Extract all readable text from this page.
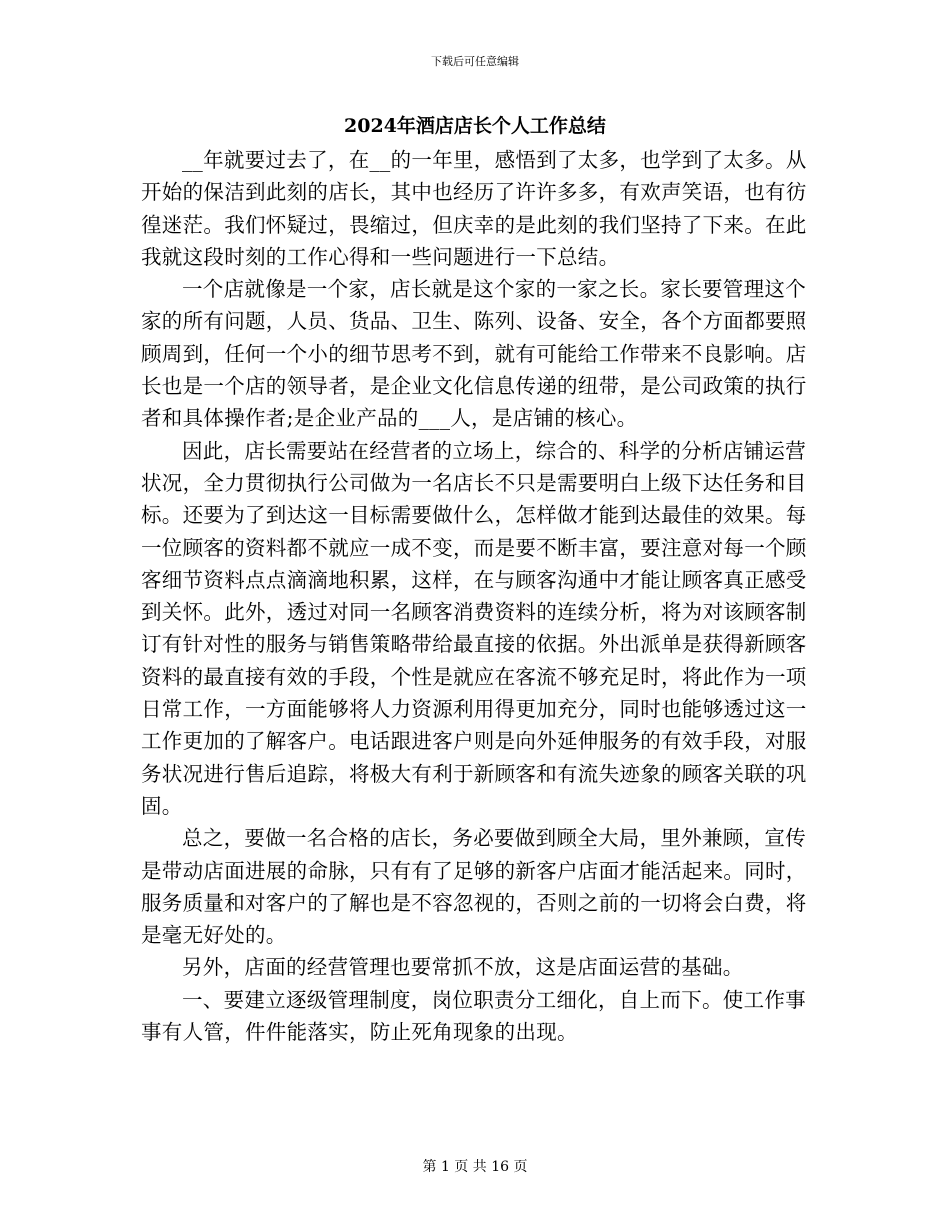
下载后可任意编辑
2024年酒店店长个人工作总结

__年就要过去了，在__的一年里，感悟到了太多，也学到了太多。从开始的保洁到此刻的店长，其中也经历了许许多多，有欢声笑语，也有彷徨迷茫。我们怀疑过，畏缩过，但庆幸的是此刻的我们坚持了下来。在此我就这段时刻的工作心得和一些问题进行一下总结。

一个店就像是一个家，店长就是这个家的一家之长。家长要管理这个家的所有问题，人员、货品、卫生、陈列、设备、安全，各个方面都要照顾周到，任何一个小的细节思考不到，就有可能给工作带来不良影响。店长也是一个店的领导者，是企业文化信息传递的纽带，是公司政策的执行者和具体操作者;是企业产品的___人，是店铺的核心。

因此，店长需要站在经营者的立场上，综合的、科学的分析店铺运营状况，全力贯彻执行公司做为一名店长不只是需要明白上级下达任务和目标。还要为了到达这一目标需要做什么，怎样做才能到达最佳的效果。每一位顾客的资料都不就应一成不变，而是要不断丰富，要注意对每一个顾客细节资料点点滴滴地积累，这样，在与顾客沟通中才能让顾客真正感受到关怀。此外，透过对同一名顾客消费资料的连续分析，将为对该顾客制订有针对性的服务与销售策略带给最直接的依据。外出派单是获得新顾客资料的最直接有效的手段，个性是就应在客流不够充足时，将此作为一项日常工作，一方面能够将人力资源利用得更加充分，同时也能够透过这一工作更加的了解客户。电话跟进客户则是向外延伸服务的有效手段，对服务状况进行售后追踪，将极大有利于新顾客和有流失迹象的顾客关联的巩固。

总之，要做一名合格的店长，务必要做到顾全大局，里外兼顾，宣传是带动店面进展的命脉，只有有了足够的新客户店面才能活起来。同时，服务质量和对客户的了解也是不容忽视的，否则之前的一切将会白费，将是毫无好处的。

另外，店面的经营管理也要常抓不放，这是店面运营的基础。

一、要建立逐级管理制度，岗位职责分工细化，自上而下。使工作事事有人管，件件能落实，防止死角现象的出现。

第 1 页 共 16 页
